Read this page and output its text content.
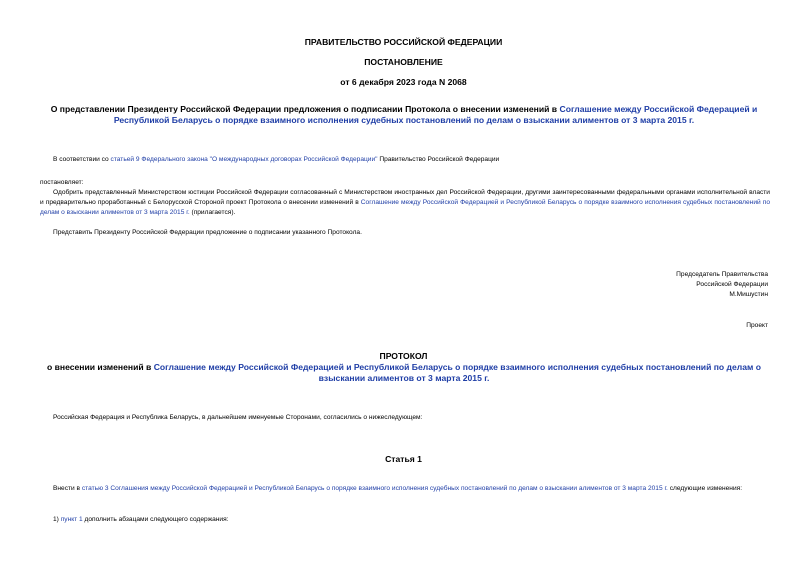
ПРАВИТЕЛЬСТВО РОССИЙСКОЙ ФЕДЕРАЦИИ
ПОСТАНОВЛЕНИЕ
от 6 декабря 2023 года N 2068
О представлении Президенту Российской Федерации предложения о подписании Протокола о внесении изменений в Соглашение между Российской Федерацией и Республикой Беларусь о порядке взаимного исполнения судебных постановлений по делам о взыскании алиментов от 3 марта 2015 г.
В соответствии со статьей 9 Федерального закона "О международных договорах Российской Федерации" Правительство Российской Федерации
постановляет:
Одобрить представленный Министерством юстиции Российской Федерации согласованный с Министерством иностранных дел Российской Федерации, другими заинтересованными федеральными органами исполнительной власти и предварительно проработанный с Белорусской Стороной проект Протокола о внесении изменений в Соглашение между Российской Федерацией и Республикой Беларусь о порядке взаимного исполнения судебных постановлений по делам о взыскании алиментов от 3 марта 2015 г. (прилагается).
Представить Президенту Российской Федерации предложение о подписании указанного Протокола.
Председатель Правительства
Российской Федерации
М.Мишустин
Проект
ПРОТОКОЛ
о внесении изменений в Соглашение между Российской Федерацией и Республикой Беларусь о порядке взаимного исполнения судебных постановлений по делам о взыскании алиментов от 3 марта 2015 г.
Российская Федерация и Республика Беларусь, в дальнейшем именуемые Сторонами, согласились о нижеследующем:
Статья 1
Внести в статью 3 Соглашения между Российской Федерацией и Республикой Беларусь о порядке взаимного исполнения судебных постановлений по делам о взыскании алиментов от 3 марта 2015 г. следующие изменения:
1) пункт 1 дополнить абзацами следующего содержания:
